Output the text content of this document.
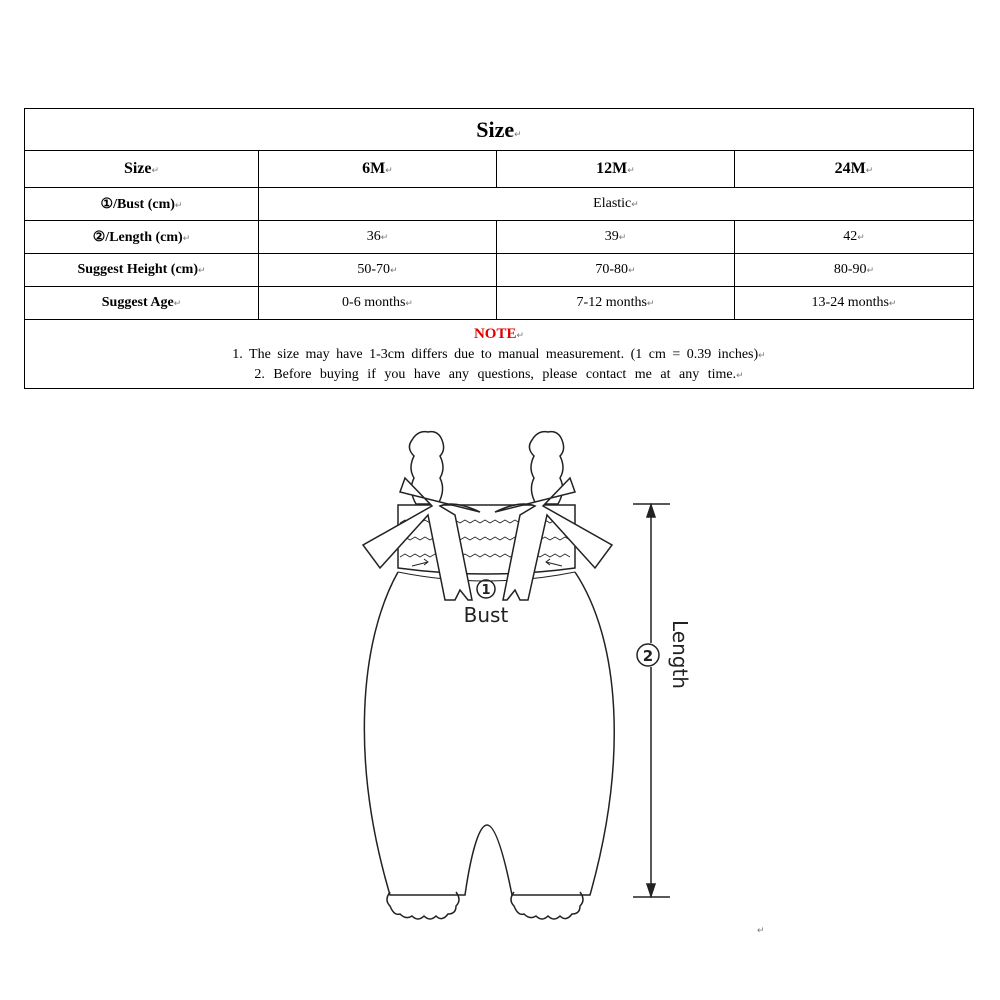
Size ↵
Size ↵	6M ↵	12M ↵	24M ↵
①/Bust (cm) ↵	Elastic ↵
②/Length (cm) ↵	36 ↵	39 ↵	42 ↵
Suggest Height (cm) ↵	50-70 ↵	70-80 ↵	80-90 ↵
Suggest Age ↵	0-6 months ↵	7-12 months ↵	13-24 months ↵

NOTE ↵
1. The size may have 1-3cm differs due to manual measurement. (1 cm = 0.39 inches) ↵
2. Before buying if you have any questions, please contact me at any time. ↵
1
Bust
2 Length
↵
